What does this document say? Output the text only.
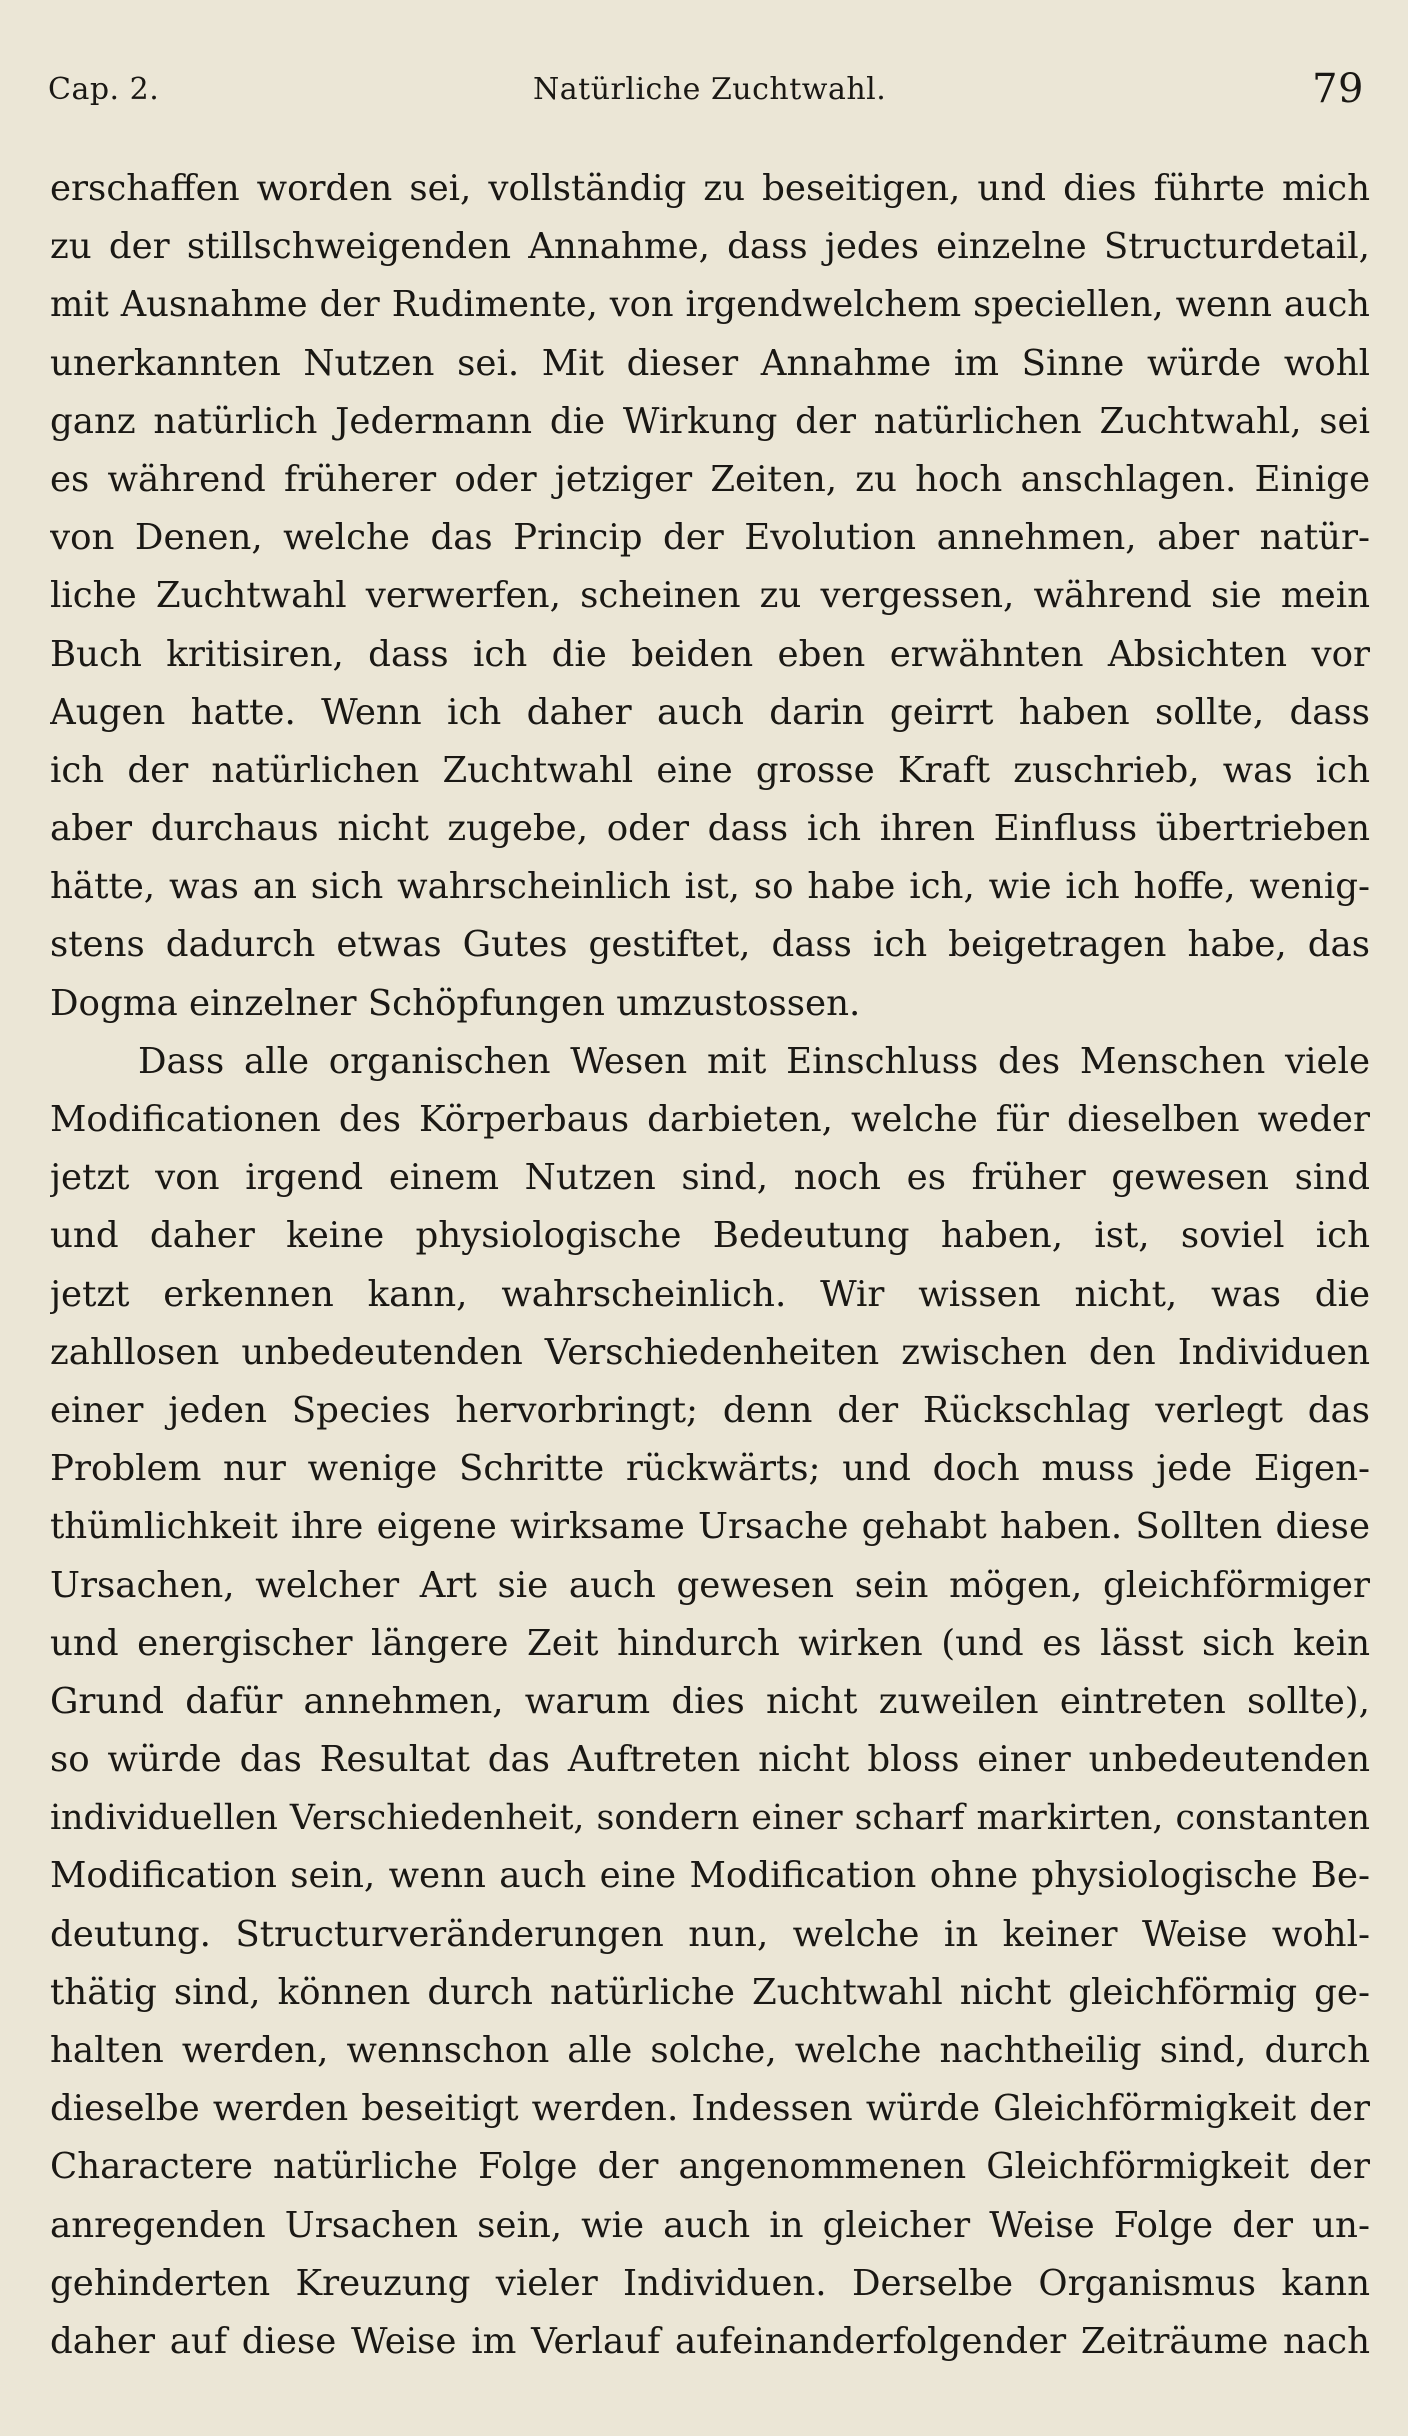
Cap. 2.	Natürliche Zuchtwahl.	79
erschaffen worden sei, vollständig zu beseitigen, und dies führte mich
zu der stillschweigenden Annahme, dass jedes einzelne Structurdetail,
mit Ausnahme der Rudimente, von irgendwelchem speciellen, wenn auch
unerkannten Nutzen sei. Mit dieser Annahme im Sinne würde wohl
ganz natürlich Jedermann die Wirkung der natürlichen Zuchtwahl, sei
es während früherer oder jetziger Zeiten, zu hoch anschlagen. Einige
von Denen, welche das Princip der Evolution annehmen, aber natür-
liche Zuchtwahl verwerfen, scheinen zu vergessen, während sie mein
Buch kritisiren, dass ich die beiden eben erwähnten Absichten vor
Augen hatte. Wenn ich daher auch darin geirrt haben sollte, dass
ich der natürlichen Zuchtwahl eine grosse Kraft zuschrieb, was ich
aber durchaus nicht zugebe, oder dass ich ihren Einfluss übertrieben
hätte, was an sich wahrscheinlich ist, so habe ich, wie ich hoffe, wenig-
stens dadurch etwas Gutes gestiftet, dass ich beigetragen habe, das
Dogma einzelner Schöpfungen umzustossen.
Dass alle organischen Wesen mit Einschluss des Menschen viele
Modificationen des Körperbaus darbieten, welche für dieselben weder
jetzt von irgend einem Nutzen sind, noch es früher gewesen sind
und daher keine physiologische Bedeutung haben, ist, soviel ich
jetzt erkennen kann, wahrscheinlich. Wir wissen nicht, was die
zahllosen unbedeutenden Verschiedenheiten zwischen den Individuen
einer jeden Species hervorbringt; denn der Rückschlag verlegt das
Problem nur wenige Schritte rückwärts; und doch muss jede Eigen-
thümlichkeit ihre eigene wirksame Ursache gehabt haben. Sollten diese
Ursachen, welcher Art sie auch gewesen sein mögen, gleichförmiger
und energischer längere Zeit hindurch wirken (und es lässt sich kein
Grund dafür annehmen, warum dies nicht zuweilen eintreten sollte),
so würde das Resultat das Auftreten nicht bloss einer unbedeutenden
individuellen Verschiedenheit, sondern einer scharf markirten, constanten
Modification sein, wenn auch eine Modification ohne physiologische Be-
deutung. Structurveränderungen nun, welche in keiner Weise wohl-
thätig sind, können durch natürliche Zuchtwahl nicht gleichförmig ge-
halten werden, wennschon alle solche, welche nachtheilig sind, durch
dieselbe werden beseitigt werden. Indessen würde Gleichförmigkeit der
Charactere natürliche Folge der angenommenen Gleichförmigkeit der
anregenden Ursachen sein, wie auch in gleicher Weise Folge der un-
gehinderten Kreuzung vieler Individuen. Derselbe Organismus kann
daher auf diese Weise im Verlauf aufeinanderfolgender Zeiträume nach
